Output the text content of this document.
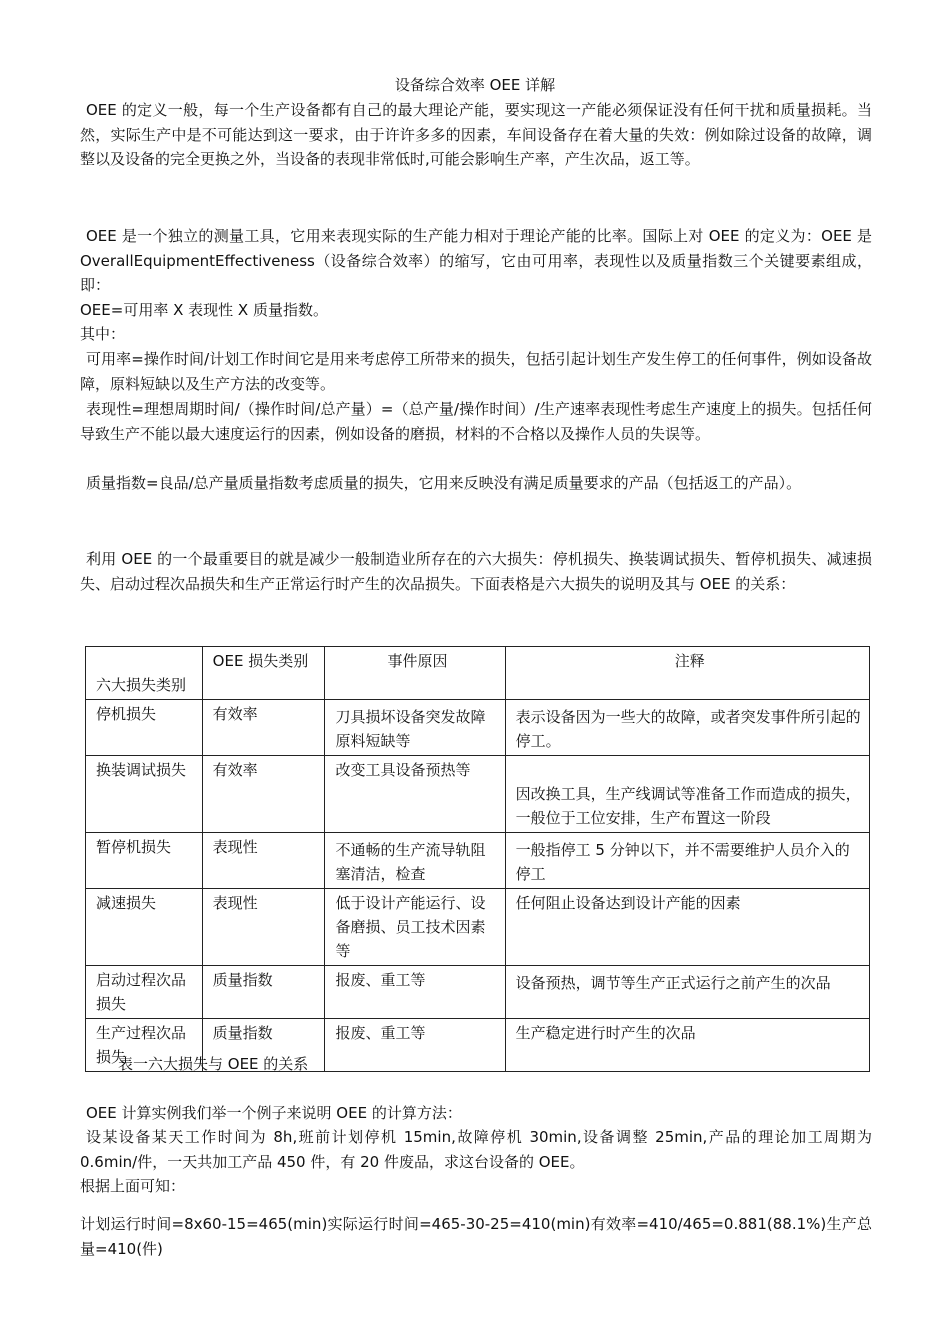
设备综合效率 OEE 详解
OEE 的定义一般，每一个生产设备都有自己的最大理论产能，要实现这一产能必须保证没有任何干扰和质量损耗。当然，实际生产中是不可能达到这一要求，由于许许多多的因素，车间设备存在着大量的失效：例如除过设备的故障，调整以及设备的完全更换之外，当设备的表现非常低时,可能会影响生产率，产生次品，返工等。
OEE 是一个独立的测量工具，它用来表现实际的生产能力相对于理论产能的比率。国际上对 OEE 的定义为：OEE 是 OverallEquipmentEffectiveness（设备综合效率）的缩写，它由可用率，表现性以及质量指数三个关键要素组成，即：
OEE=可用率 X 表现性 X 质量指数。
其中：
可用率=操作时间/计划工作时间它是用来考虑停工所带来的损失，包括引起计划生产发生停工的任何事件，例如设备故障，原料短缺以及生产方法的改变等。
表现性=理想周期时间/（操作时间/总产量）=（总产量/操作时间）/生产速率表现性考虑生产速度上的损失。包括任何导致生产不能以最大速度运行的因素，例如设备的磨损，材料的不合格以及操作人员的失误等。
质量指数=良品/总产量质量指数考虑质量的损失，它用来反映没有满足质量要求的产品（包括返工的产品）。
利用 OEE 的一个最重要目的就是减少一般制造业所存在的六大损失：停机损失、换装调试损失、暂停机损失、减速损失、启动过程次品损失和生产正常运行时产生的次品损失。下面表格是六大损失的说明及其与 OEE 的关系：
六大损失类别	OEE 损失类别	事件原因	注释
停机损失	有效率	刀具损坏设备突发故障原料短缺等	表示设备因为一些大的故障，或者突发事件所引起的停工。
换装调试损失	有效率	改变工具设备预热等	因改换工具，生产线调试等准备工作而造成的损失，一般位于工位安排，生产布置这一阶段
暂停机损失	表现性	不通畅的生产流导轨阻塞清洁，检查	一般指停工 5 分钟以下，并不需要维护人员介入的停工
减速损失	表现性	低于设计产能运行、设备磨损、员工技术因素等	任何阻止设备达到设计产能的因素
启动过程次品损失	质量指数	报废、重工等	设备预热，调节等生产正式运行之前产生的次品
生产过程次品损失	质量指数	报废、重工等	生产稳定进行时产生的次品
表一六大损失与 OEE 的关系
OEE 计算实例我们举一个例子来说明 OEE 的计算方法：
设某设备某天工作时间为 8h,班前计划停机 15min,故障停机 30min,设备调整 25min,产品的理论加工周期为 0.6min/件，一天共加工产品 450 件，有 20 件废品，求这台设备的 OEE。
根据上面可知：
计划运行时间=8x60-15=465(min)实际运行时间=465-30-25=410(min)有效率=410/465=0.881(88.1%)生产总量=410(件)
